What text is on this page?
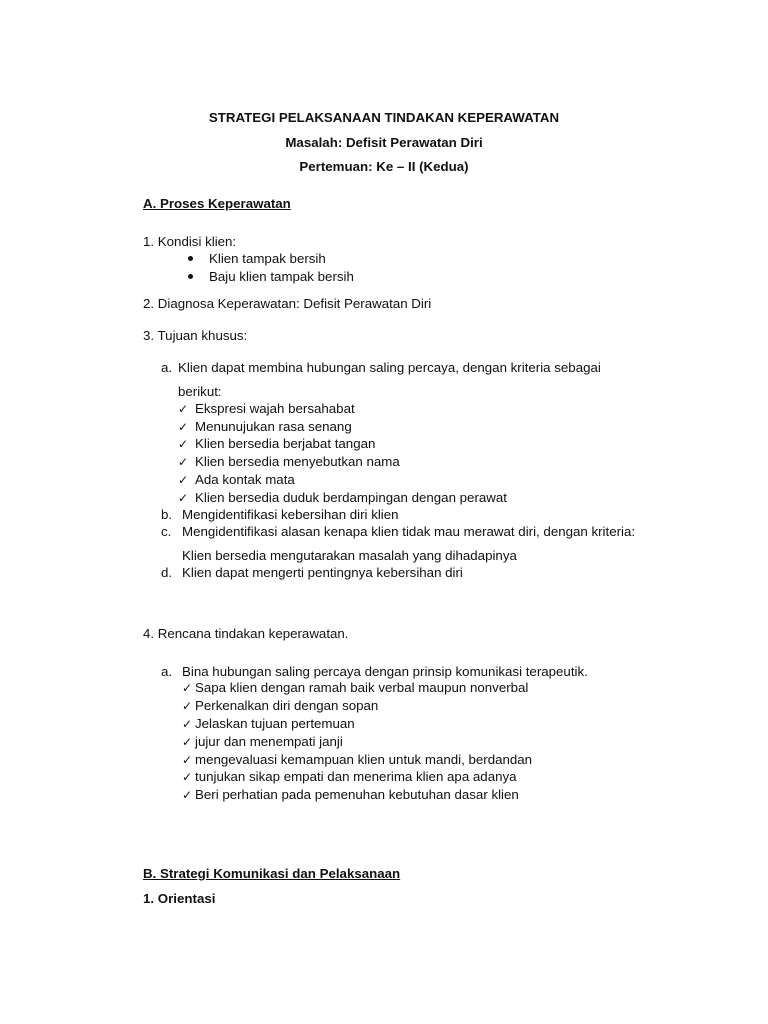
STRATEGI PELAKSANAAN TINDAKAN KEPERAWATAN
Masalah: Defisit Perawatan Diri
Pertemuan: Ke – II (Kedua)
A. Proses Keperawatan
1. Kondisi klien:
Klien tampak bersih
Baju klien tampak bersih
2. Diagnosa Keperawatan: Defisit Perawatan Diri
3. Tujuan khusus:
a. Klien dapat membina hubungan saling percaya, dengan kriteria sebagai
berikut:
✓ Ekspresi wajah bersahabat
✓ Menunujukan rasa senang
✓ Klien bersedia berjabat tangan
✓ Klien bersedia menyebutkan nama
✓ Ada kontak mata
✓ Klien bersedia duduk berdampingan dengan perawat
b. Mengidentifikasi kebersihan diri klien
c. Mengidentifikasi alasan kenapa klien tidak mau merawat diri, dengan kriteria:
Klien bersedia mengutarakan masalah yang dihadapinya
d. Klien dapat mengerti pentingnya kebersihan diri
4. Rencana tindakan keperawatan.
a. Bina hubungan saling percaya dengan prinsip komunikasi terapeutik.
✓ Sapa klien dengan ramah baik verbal maupun nonverbal
✓ Perkenalkan diri dengan sopan
✓ Jelaskan tujuan pertemuan
✓ jujur dan menempati janji
✓ mengevaluasi kemampuan klien untuk mandi, berdandan
✓ tunjukan sikap empati dan menerima klien apa adanya
✓ Beri perhatian pada pemenuhan kebutuhan dasar klien
B. Strategi Komunikasi dan Pelaksanaan
1. Orientasi
